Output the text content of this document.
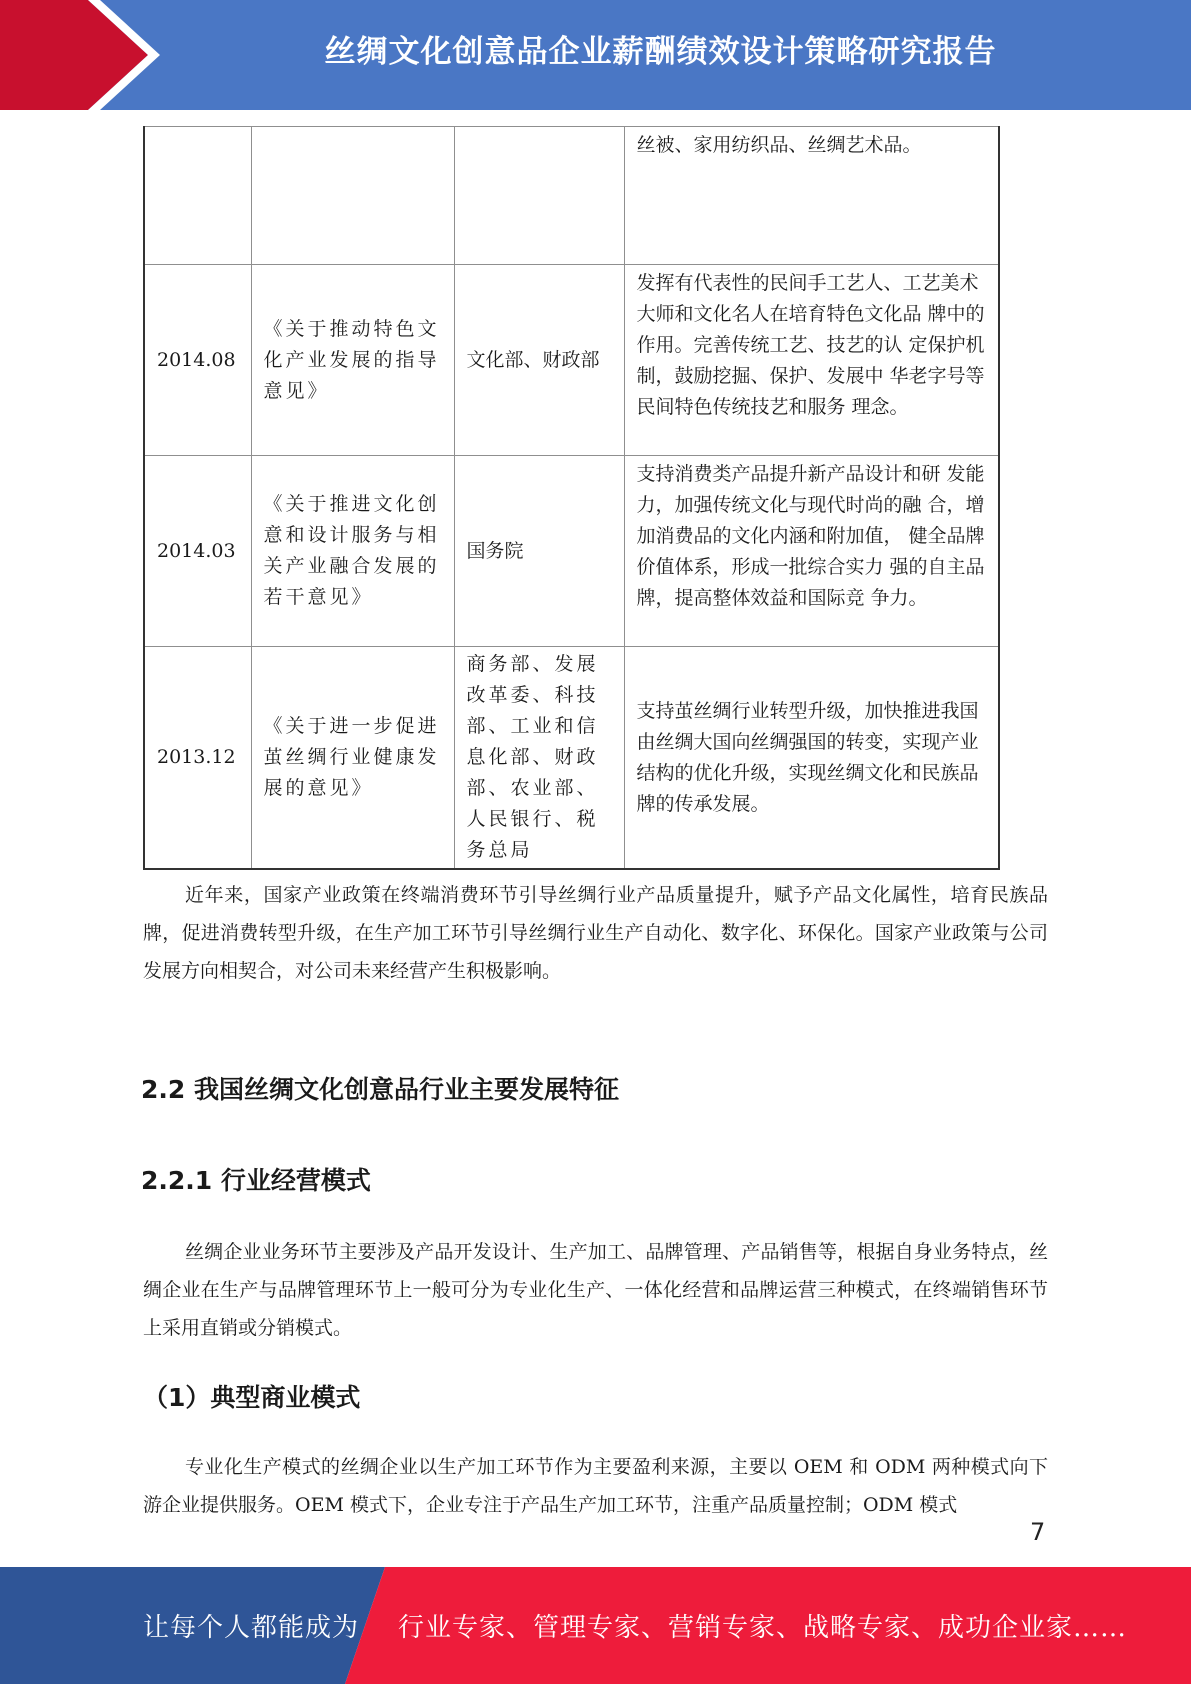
丝绸文化创意品企业薪酬绩效设计策略研究报告
			丝被、家用纺织品、丝绸艺术品。
2014.08	《关于推动特色文 化产业发展的指导 意见》	文化部、财政部	发挥有代表性的民间手工艺人、工艺美术大师和文化名人在培育特色文化品 牌中的作用。完善传统工艺、技艺的认 定保护机制，鼓励挖掘、保护、发展中 华老字号等民间特色传统技艺和服务 理念。
2014.03	《关于推进文化创 意和设计服务与相 关产业融合发展的 若干意见》	国务院	支持消费类产品提升新产品设计和研 发能力，加强传统文化与现代时尚的融 合，增加消费品的文化内涵和附加值， 健全品牌价值体系，形成一批综合实力 强的自主品牌，提高整体效益和国际竞 争力。
2013.12	《关于进一步促进 茧丝绸行业健康发 展的意见》	商务部、发展改革委、科技部、工业和信息化部、财政部、农业部、人民银行、税务总局	支持茧丝绸行业转型升级，加快推进我国由丝绸大国向丝绸强国的转变，实现产业结构的优化升级，实现丝绸文化和民族品牌的传承发展。

近年来，国家产业政策在终端消费环节引导丝绸行业产品质量提升，赋予产品文化属性，培育民族品牌，促进消费转型升级，在生产加工环节引导丝绸行业生产自动化、数字化、环保化。国家产业政策与公司发展方向相契合，对公司未来经营产生积极影响。

2.2 我国丝绸文化创意品行业主要发展特征
2.2.1 行业经营模式

丝绸企业业务环节主要涉及产品开发设计、生产加工、品牌管理、产品销售等，根据自身业务特点，丝绸企业在生产与品牌管理环节上一般可分为专业化生产、一体化经营和品牌运营三种模式，在终端销售环节上采用直销或分销模式。

（1）典型商业模式

专业化生产模式的丝绸企业以生产加工环节作为主要盈利来源，主要以 OEM 和 ODM 两种模式向下游企业提供服务。OEM 模式下，企业专注于产品生产加工环节，注重产品质量控制；ODM 模式

7
让每个人都能成为 行业专家、管理专家、营销专家、战略专家、成功企业家……
